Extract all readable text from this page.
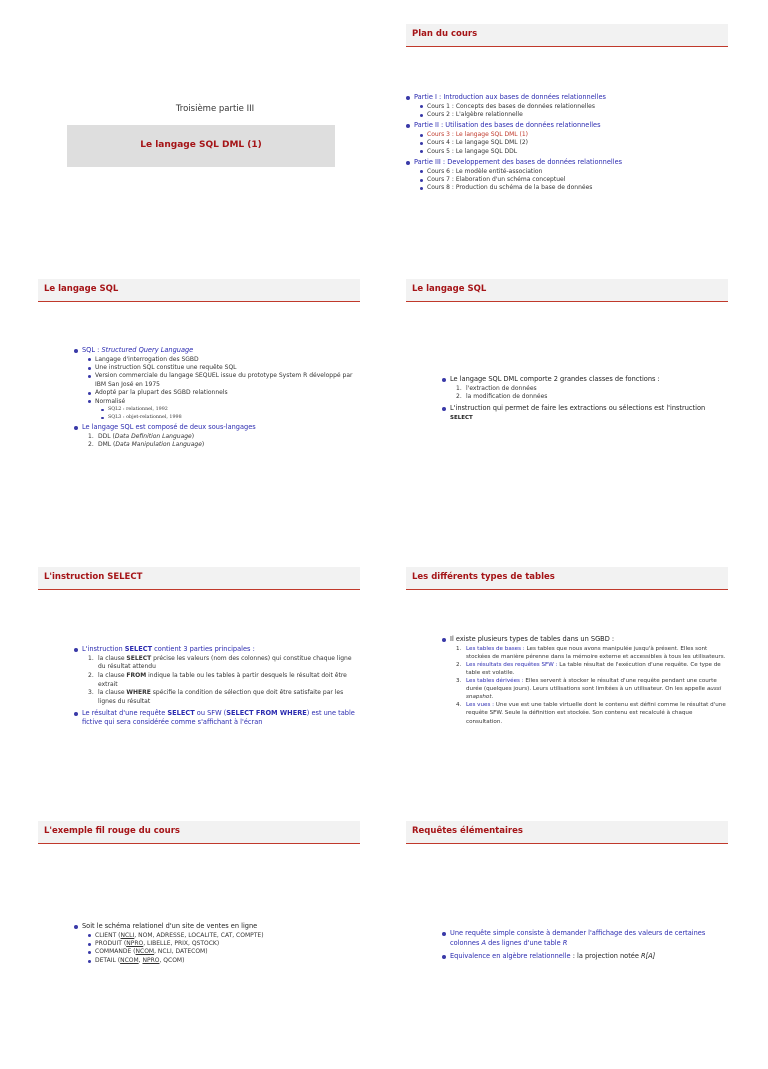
Troisième partie III
Le langage SQL DML (1)
Plan du cours
Partie I : Introduction aux bases de données relationnelles
Cours 1 : Concepts des bases de données relationnelles
Cours 2 : L'algèbre relationnelle
Partie II : Utilisation des bases de données relationnelles
Cours 3 : Le langage SQL DML (1)
Cours 4 : Le langage SQL DML (2)
Cours 5 : Le langage SQL DDL
Partie III : Developpement des bases de données relationnelles
Cours 6 : Le modèle entité-association
Cours 7 : Elaboration d'un schéma conceptuel
Cours 8 : Production du schéma de la base de données
Le langage SQL
SQL : Structured Query Language
Langage d'interrogation des SGBD
Une instruction SQL constitue une requête SQL
Version commerciale du langage SEQUEL issue du prototype System R développé par IBM San José en 1975
Adopté par la plupart des SGBD relationnels
Normalisé
SQL2 : relationnel, 1992
SQL3 : objet-relationnel, 1998
Le langage SQL est composé de deux sous-langages
1. DDL (Data Definition Language)
2. DML (Data Manipulation Language)
Le langage SQL
Le langage SQL DML comporte 2 grandes classes de fonctions :
1. l'extraction de données
2. la modification de données
L'instruction qui permet de faire les extractions ou sélections est l'instruction SELECT
L'instruction SELECT
L'instruction SELECT contient 3 parties principales :
1. la clause SELECT précise les valeurs (nom des colonnes) qui constitue chaque ligne du résultat attendu
2. la clause FROM indique la table ou les tables à partir desquels le résultat doit être extrait
3. la clause WHERE spécifie la condition de sélection que doit être satisfaite par les lignes du résultat
Le résultat d'une requête SELECT ou SFW (SELECT FROM WHERE) est une table fictive qui sera considérée comme s'affichant à l'écran
Les différents types de tables
Il existe plusieurs types de tables dans un SGBD :
1. Les tables de bases : Les tables que nous avons manipulée jusqu'à présent. Elles sont stockées de manière pérenne dans la mémoire externe et accessibles à tous les utilisateurs.
2. Les résultats des requêtes SFW : La table résultat de l'exécution d'une requête. Ce type de table est volatile.
3. Les tables dérivées : Elles servent à stocker le résultat d'une requête pendant une courte durée (quelques jours). Leurs utilisations sont limitées à un utilisateur. On les appelle aussi snapshot.
4. Les vues : Une vue est une table virtuelle dont le contenu est défini comme le résultat d'une requête SFW. Seule la définition est stockée. Son contenu est recalculé à chaque consultation.
L'exemple fil rouge du cours
Soit le schéma relationel d'un site de ventes en ligne
CLIENT (NCLI, NOM, ADRESSE, LOCALITE, CAT, COMPTE)
PRODUIT (NPRO, LIBELLE, PRIX, QSTOCK)
COMMANDE (NCOM, NCLI, DATECOM)
DETAIL (NCOM, NPRO, QCOM)
Requêtes élémentaires
Une requête simple consiste à demander l'affichage des valeurs de certaines colonnes A des lignes d'une table R
Equivalence en algèbre relationnelle : la projection notée R[A]
